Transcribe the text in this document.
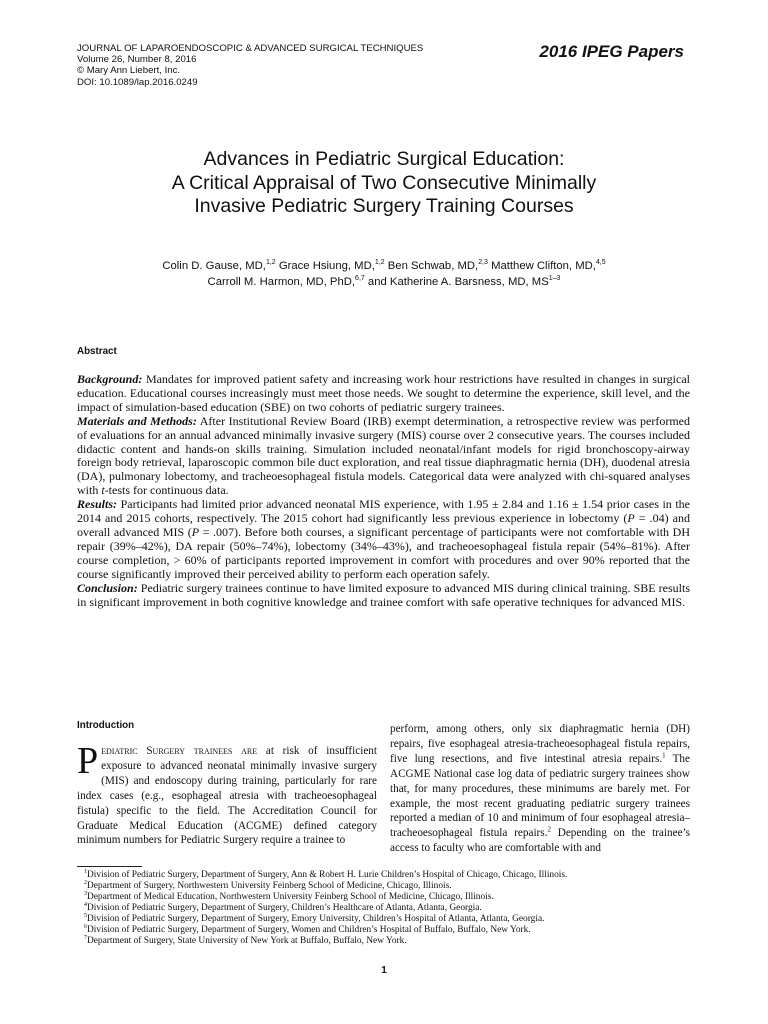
JOURNAL OF LAPAROENDOSCOPIC & ADVANCED SURGICAL TECHNIQUES
Volume 26, Number 8, 2016
© Mary Ann Liebert, Inc.
DOI: 10.1089/lap.2016.0249
2016 IPEG Papers
Advances in Pediatric Surgical Education:
A Critical Appraisal of Two Consecutive Minimally
Invasive Pediatric Surgery Training Courses
Colin D. Gause, MD,$^{1,2}$ Grace Hsiung, MD,$^{1,2}$ Ben Schwab, MD,$^{2,3}$ Matthew Clifton, MD,$^{4,5}$
Carroll M. Harmon, MD, PhD,$^{6,7}$ and Katherine A. Barsness, MD, MS$^{1-3}$
Abstract

Background: Mandates for improved patient safety and increasing work hour restrictions have resulted in changes in surgical education. Educational courses increasingly must meet those needs. We sought to determine the experience, skill level, and the impact of simulation-based education (SBE) on two cohorts of pediatric surgery trainees.

Materials and Methods: After Institutional Review Board (IRB) exempt determination, a retrospective review was performed of evaluations for an annual advanced minimally invasive surgery (MIS) course over 2 consecutive years. The courses included didactic content and hands-on skills training. Simulation included neonatal/infant models for rigid bronchoscopy-airway foreign body retrieval, laparoscopic common bile duct exploration, and real tissue diaphragmatic hernia (DH), duodenal atresia (DA), pulmonary lobectomy, and tracheoesophageal fistula models. Categorical data were analyzed with chi-squared analyses with t-tests for continuous data.

Results: Participants had limited prior advanced neonatal MIS experience, with 1.95 ± 2.84 and 1.16 ± 1.54 prior cases in the 2014 and 2015 cohorts, respectively. The 2015 cohort had significantly less previous experience in lobectomy (P = .04) and overall advanced MIS (P = .007). Before both courses, a significant percentage of participants were not comfortable with DH repair (39%–42%), DA repair (50%–74%), lobectomy (34%–43%), and tracheoesophageal fistula repair (54%–81%). After course completion, > 60% of participants reported improvement in comfort with procedures and over 90% reported that the course significantly improved their perceived ability to perform each operation safely.

Conclusion: Pediatric surgery trainees continue to have limited exposure to advanced MIS during clinical training. SBE results in significant improvement in both cognitive knowledge and trainee comfort with safe operative techniques for advanced MIS.

Introduction

Pediatric Surgery trainees are at risk of insufficient exposure to advanced neonatal minimally invasive surgery (MIS) and endoscopy during training, particularly for rare index cases (e.g., esophageal atresia with tracheoesophageal fistula) specific to the field. The Accreditation Council for Graduate Medical Education (ACGME) defined category minimum numbers for Pediatric Surgery require a trainee to

perform, among others, only six diaphragmatic hernia (DH) repairs, five esophageal atresia-tracheoesophageal fistula repairs, five lung resections, and five intestinal atresia repairs.$^1$ The ACGME National case log data of pediatric surgery trainees show that, for many procedures, these minimums are barely met. For example, the most recent graduating pediatric surgery trainees reported a median of 10 and minimum of four esophageal atresia–tracheoesophageal fistula repairs.$^2$ Depending on the trainee’s access to faculty who are comfortable with and

$^1$Division of Pediatric Surgery, Department of Surgery, Ann & Robert H. Lurie Children’s Hospital of Chicago, Chicago, Illinois.
$^2$Department of Surgery, Northwestern University Feinberg School of Medicine, Chicago, Illinois.
$^3$Department of Medical Education, Northwestern University Feinberg School of Medicine, Chicago, Illinois.
$^4$Division of Pediatric Surgery, Department of Surgery, Children’s Healthcare of Atlanta, Atlanta, Georgia.
$^5$Division of Pediatric Surgery, Department of Surgery, Emory University, Children’s Hospital of Atlanta, Atlanta, Georgia.
$^6$Division of Pediatric Surgery, Department of Surgery, Women and Children’s Hospital of Buffalo, Buffalo, New York.
$^7$Department of Surgery, State University of New York at Buffalo, Buffalo, New York.
1
